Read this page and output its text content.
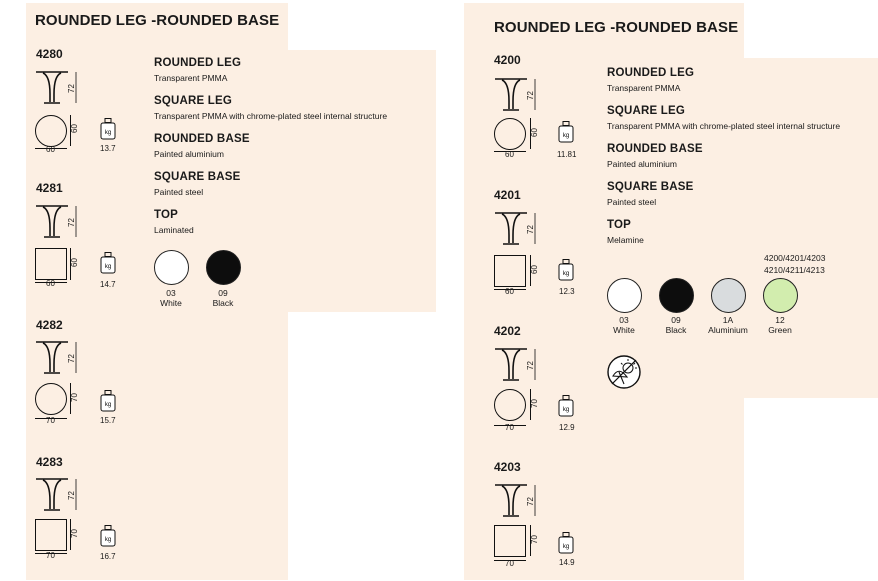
ROUNDED LEG -ROUNDED BASE	ROUNDED LEG -ROUNDED BASE
4280
72
60
60
kg
13.7
4281
72
60
60
kg
14.7
4282
72
70
70
kg
15.7
4283
72
70
70
kg
16.7
ROUNDED LEG
Transparent PMMA
SQUARE LEG
Transparent PMMA with chrome-plated steel internal structure
ROUNDED BASE
Painted aluminium
SQUARE BASE
Painted steel
TOP
Laminated
03
White
09
Black
4200
72
60
60
kg
11.81
4201
72
60
60
kg
12.3
4202
72
70
70
kg
12.9
4203
72
70
70
kg
14.9
ROUNDED LEG
Transparent PMMA
SQUARE LEG
Transparent PMMA with chrome-plated steel internal structure
ROUNDED BASE
Painted aluminium
SQUARE BASE
Painted steel
TOP
Melamine
4200/4201/4203
4210/4211/4213
03
White
09
Black
1A
Aluminium
12
Green
